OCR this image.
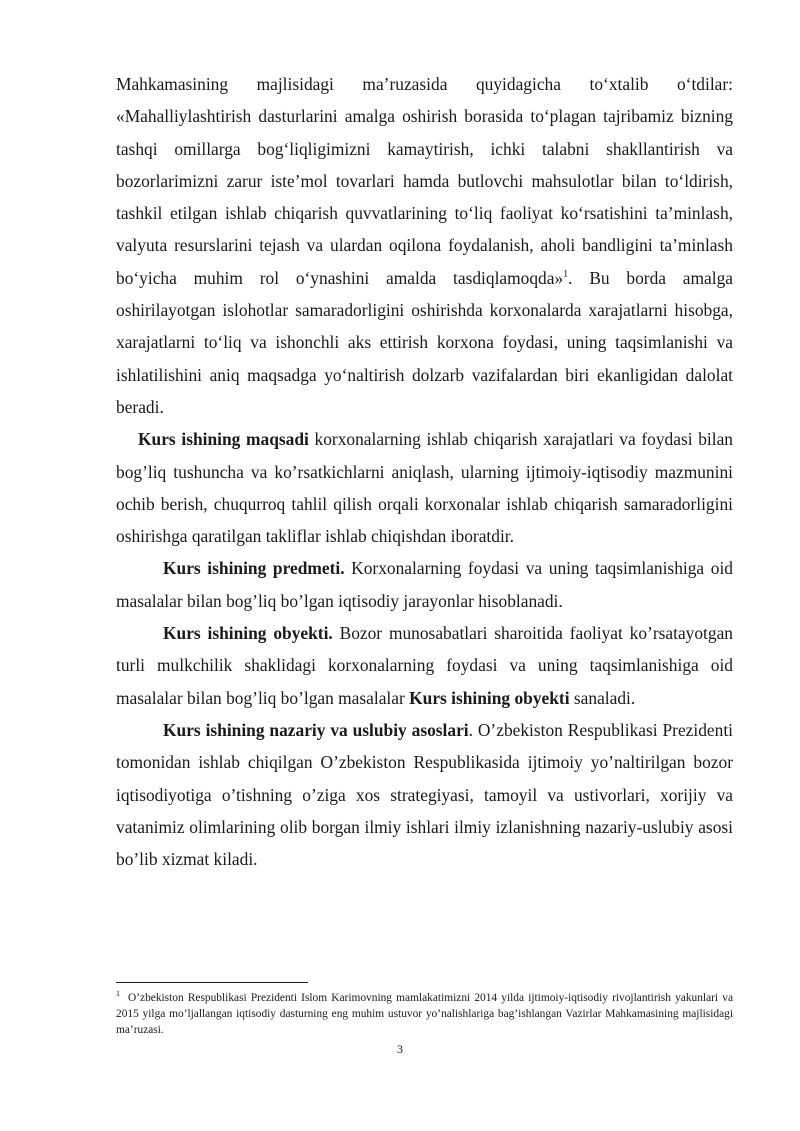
Mahkamasining majlisidagi ma’ruzasida quyidagicha to‘xtalib o‘tdilar: «Mahalliylashtirish dasturlarini amalga oshirish borasida to‘plagan tajribamiz bizning tashqi omillarga bog‘liqligimizni kamaytirish, ichki talabni shakllantirish va bozorlarimizni zarur iste’mol tovarlari hamda butlovchi mahsulotlar bilan to‘ldirish, tashkil etilgan ishlab chiqarish quvvatlarining to‘liq faoliyat ko‘rsatishini ta’minlash, valyuta resurslarini tejash va ulardan oqilona foydalanish, aholi bandligini ta’minlash bo‘yicha muhim rol o‘ynashini amalda tasdiqlamoqda»$^1$. Bu borda amalga oshirilayotgan islohotlar samaradorligini oshirishda korxonalarda xarajatlarni hisobga, xarajatlarni to‘liq va ishonchli aks ettirish korxona foydasi, uning taqsimlanishi va ishlatilishini aniq maqsadga yo‘naltirish dolzarb vazifalardan biri ekanligidan dalolat beradi.

Kurs ishining maqsadi korxonalarning ishlab chiqarish xarajatlari va foydasi bilan bog’liq tushuncha va ko’rsatkichlarni aniqlash, ularning ijtimoiy-iqtisodiy mazmunini ochib berish, chuqurroq tahlil qilish orqali korxonalar ishlab chiqarish samaradorligini oshirishga qaratilgan takliflar ishlab chiqishdan iboratdir.

Kurs ishining predmeti. Korxonalarning foydasi va uning taqsimlanishiga oid masalalar bilan bog’liq bo’lgan iqtisodiy jarayonlar hisoblanadi.

Kurs ishining obyekti. Bozor munosabatlari sharoitida faoliyat ko’rsatayotgan turli mulkchilik shaklidagi korxonalarning foydasi va uning taqsimlanishiga oid masalalar bilan bog’liq bo’lgan masalalar Kurs ishining obyekti sanaladi.

Kurs ishining nazariy va uslubiy asoslari. O’zbekiston Respublikasi Prezidenti tomonidan ishlab chiqilgan O’zbekiston Respublikasida ijtimoiy yo’naltirilgan bozor iqtisodiyotiga o’tishning o’ziga xos strategiyasi, tamoyil va ustivorlari, xorijiy va vatanimiz olimlarining olib borgan ilmiy ishlari ilmiy izlanishning nazariy-uslubiy asosi bo’lib xizmat kiladi.

$^1$ O’zbekiston Respublikasi Prezidenti Islom Karimovning mamlakatimizni 2014 yilda ijtimoiy-iqtisodiy rivojlantirish yakunlari va 2015 yilga mo’ljallangan iqtisodiy dasturning eng muhim ustuvor yo’nalishlariga bag’ishlangan Vazirlar Mahkamasining majlisidagi ma’ruzasi.
3
